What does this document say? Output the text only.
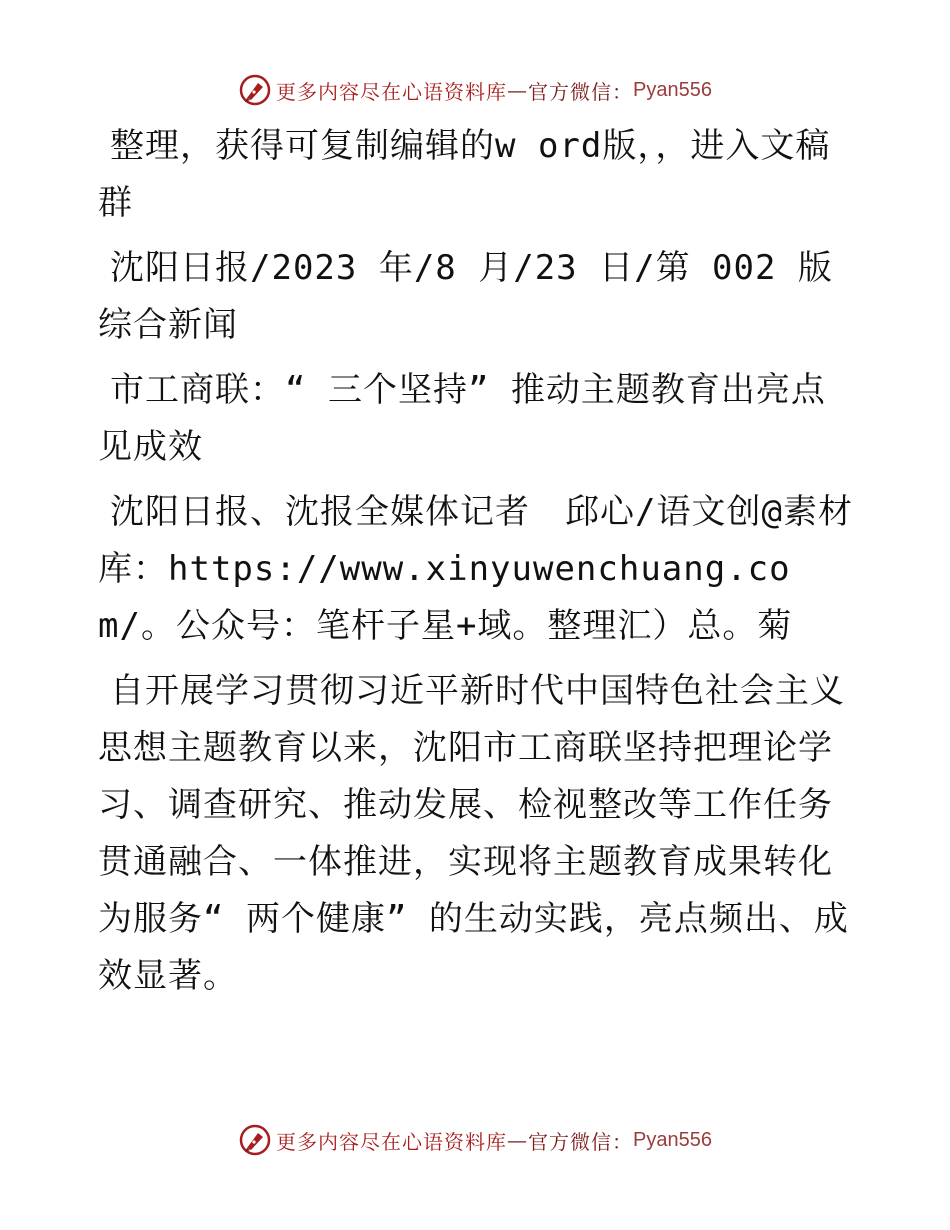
更多内容尽在心语资料库 — 官方微信： Pyan556

整理，获得可复制编辑的w ord版，，进入文稿群

沈阳日报/2023 年/8 月/23 日/第 002 版综合新闻

市工商联：“ 三个坚持” 推动主题教育出亮点见成效

沈阳日报、沈报全媒体记者　邱心/语文创@素材库：https://www.xinyuwenchuang.com/。公众号：笔杆子星+域。整理汇）总。菊

自开展学习贯彻习近平新时代中国特色社会主义思想主题教育以来，沈阳市工商联坚持把理论学习、调查研究、推动发展、检视整改等工作任务贯通融合、一体推进，实现将主题教育成果转化为服务“ 两个健康” 的生动实践，亮点频出、成效显著。

更多内容尽在心语资料库 — 官方微信： Pyan556
